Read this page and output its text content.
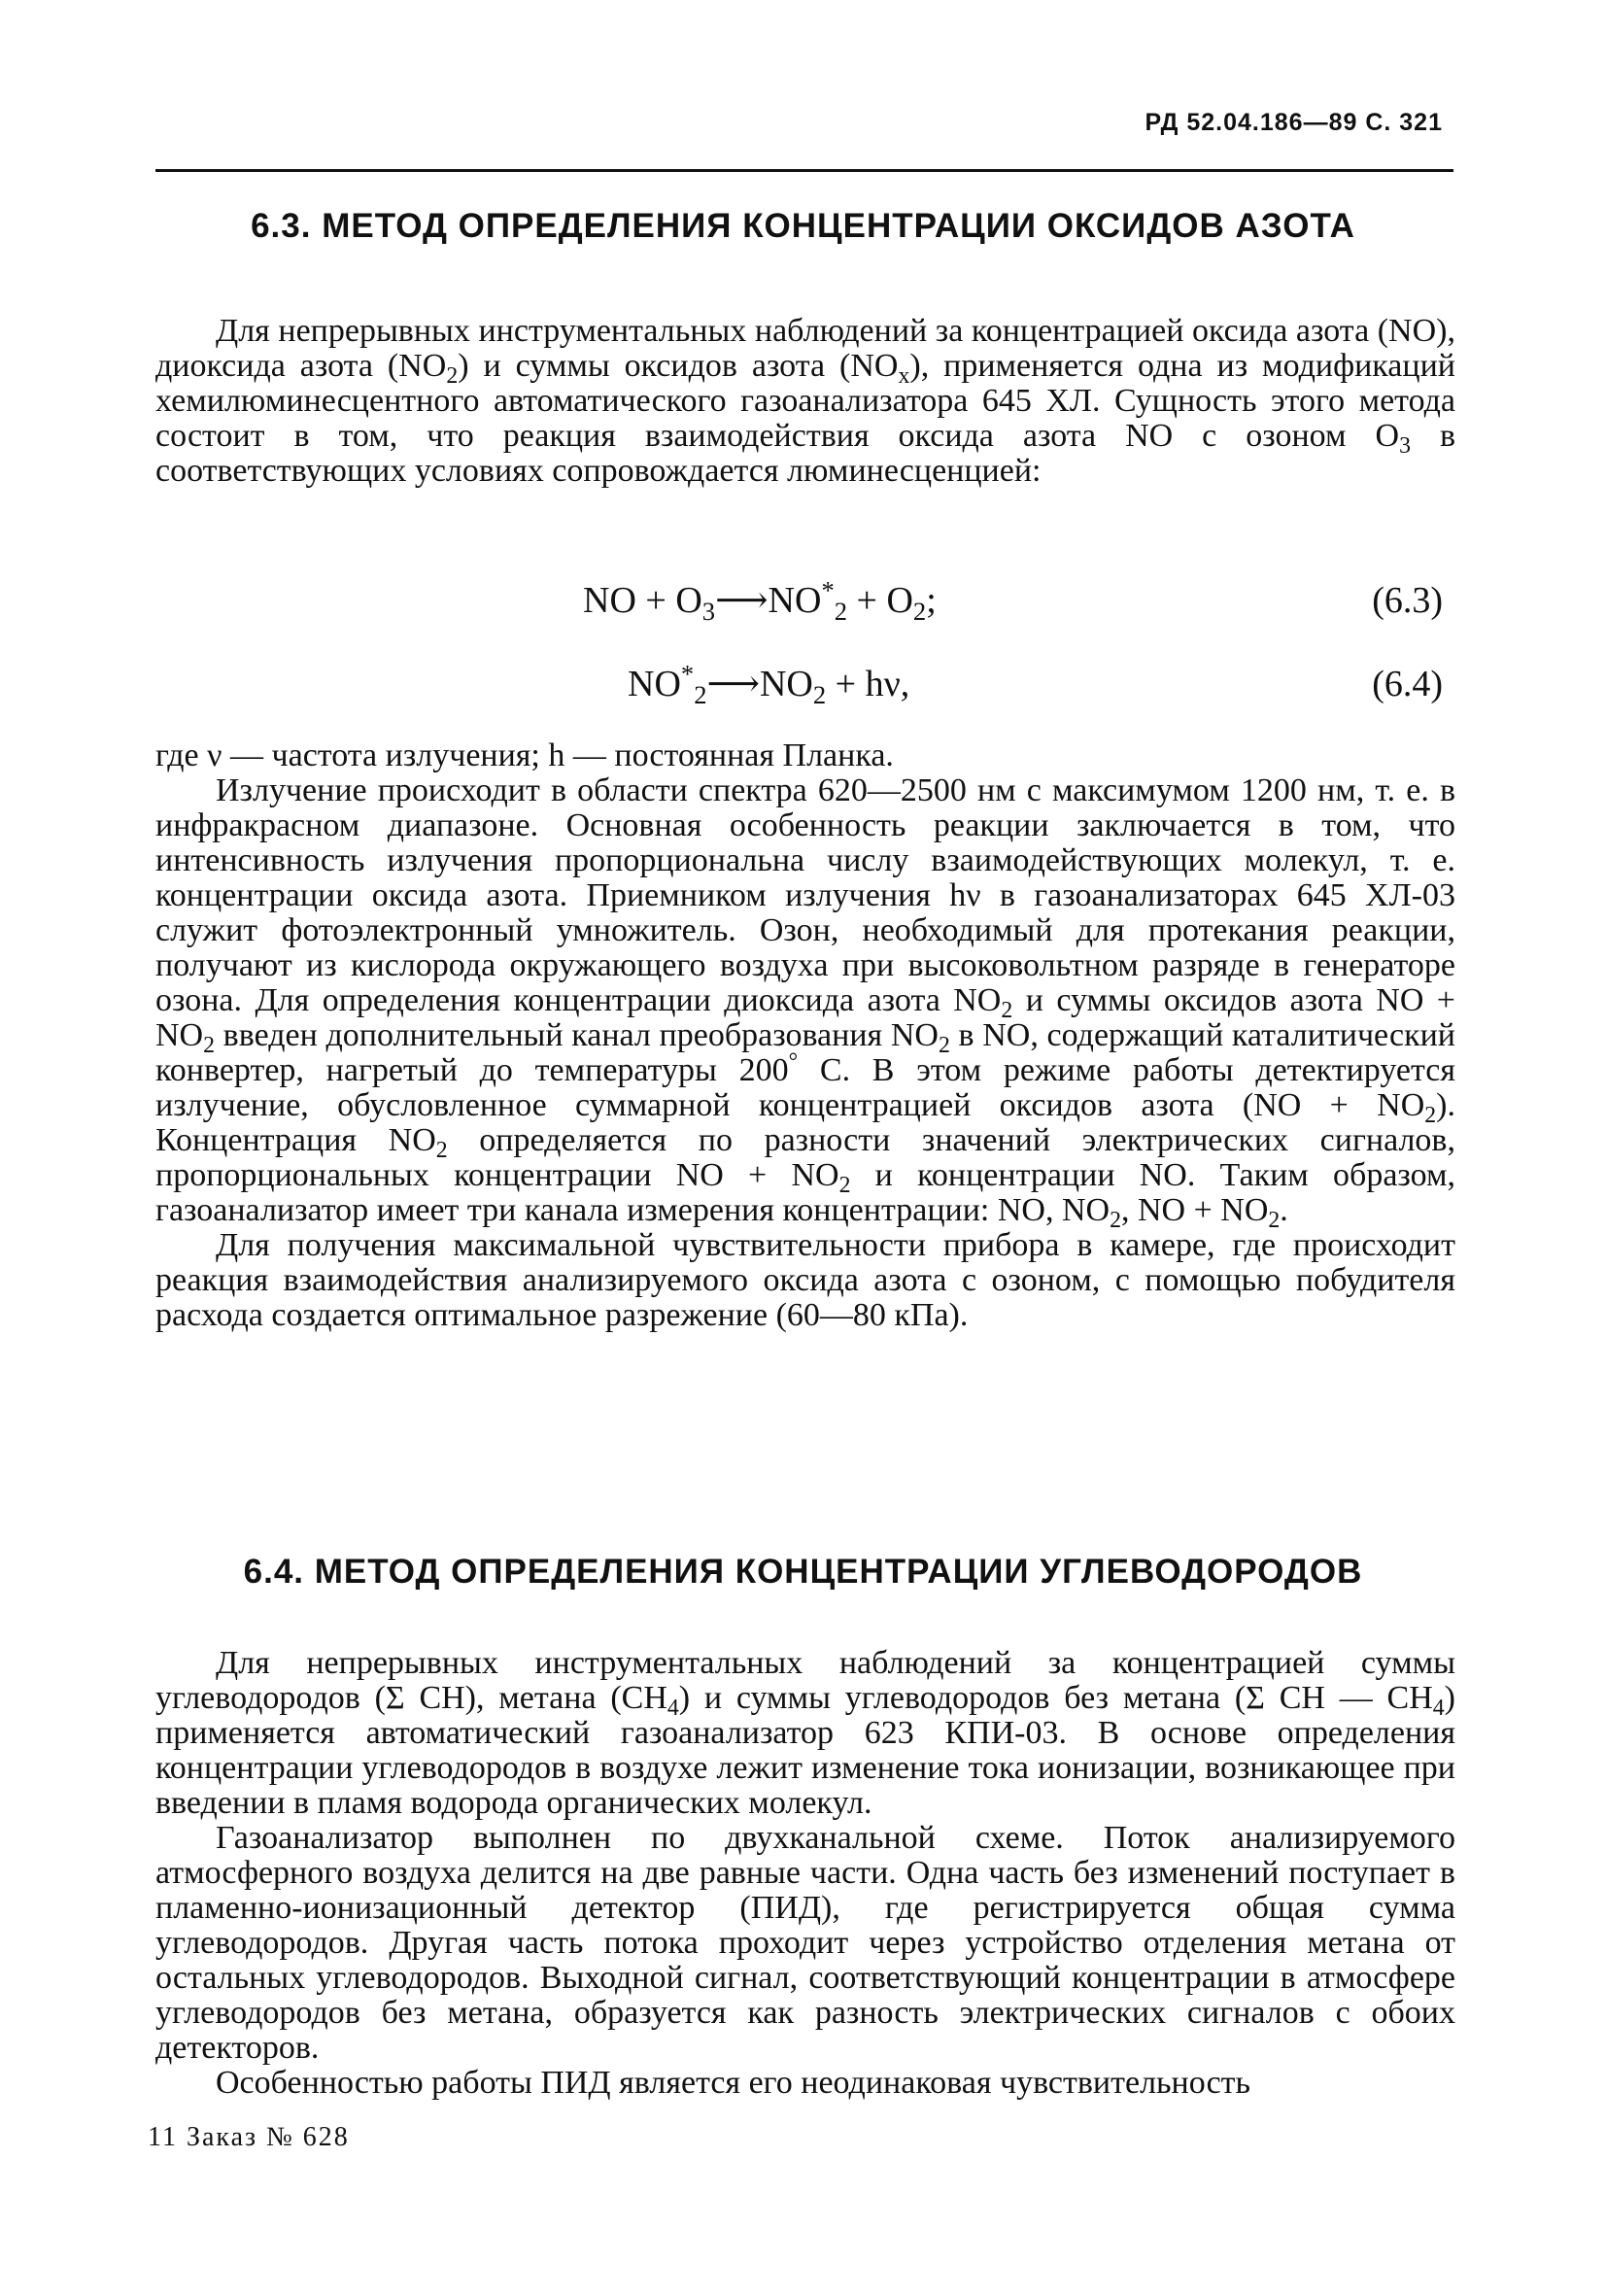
РД 52.04.186—89 С. 321
6.3. МЕТОД ОПРЕДЕЛЕНИЯ КОНЦЕНТРАЦИИ ОКСИДОВ АЗОТА

Для непрерывных инструментальных наблюдений за концентрацией оксида азота (NO), диоксида азота $(NO_2)$ и суммы оксидов азота $(NO_x)$, применяется одна из модификаций хемилюминесцентного автоматического газоанализатора 645 ХЛ. Сущность этого метода состоит в том, что реакция взаимодействия оксида азота NO с озоном $О_3$ в соответствующих условиях сопровождается люминесценцией:

NO + $O_3⟶NO^*_2 + O_2$;	(6.3)
$NO^*_2⟶NO_2 + h\nu$,	(6.4)

где ν — частота излучения; h — постоянная Планка.

Излучение происходит в области спектра 620—2500 нм с максимумом 1200 нм, т. е. в инфракрасном диапазоне. Основная особенность реакции заключается в том, что интенсивность излучения пропорциональна числу взаимодействующих молекул, т. е. концентрации оксида азота. Приемником излучения hν в газоанализаторах 645 ХЛ-03 служит фотоэлектронный умножитель. Озон, необходимый для протекания реакции, получают из кислорода окружающего воздуха при высоковольтном разряде в генераторе озона. Для определения концентрации диоксида азота $NO_2$ и суммы оксидов азота NO + $NO_2$ введен дополнительный канал преобразования $NO_2$ в NO, содержащий каталитический конвертер, нагретый до температуры 200° С. В этом режиме работы детектируется излучение, обусловленное суммарной концентрацией оксидов азота $(NO + NO_2)$. Концентрация $NO_2$ определяется по разности значений электрических сигналов, пропорциональных концентрации NO + $NO_2$ и концентрации NO. Таким образом, газоанализатор имеет три канала измерения концентрации: NO, $NO_2$, NO + $NO_2$.

Для получения максимальной чувствительности прибора в камере, где происходит реакция взаимодействия анализируемого оксида азота с озоном, с помощью побудителя расхода создается оптимальное разрежение (60—80 кПа).

6.4. МЕТОД ОПРЕДЕЛЕНИЯ КОНЦЕНТРАЦИИ УГЛЕВОДОРОДОВ

Для непрерывных инструментальных наблюдений за концентрацией суммы углеводородов (Σ CH), метана $(CH_4)$ и суммы углеводородов без метана (Σ CH — $CH_4$) применяется автоматический газоанализатор 623 КПИ-03. В основе определения концентрации углеводородов в воздухе лежит изменение тока ионизации, возникающее при введении в пламя водорода органических молекул.

Газоанализатор выполнен по двухканальной схеме. Поток анализируемого атмосферного воздуха делится на две равные части. Одна часть без изменений поступает в пламенно-ионизационный детектор (ПИД), где регистрируется общая сумма углеводородов. Другая часть потока проходит через устройство отделения метана от остальных углеводородов. Выходной сигнал, соответствующий концентрации в атмосфере углеводородов без метана, образуется как разность электрических сигналов с обоих детекторов.

Особенностью работы ПИД является его неодинаковая чувствительность

11 Заказ № 628
